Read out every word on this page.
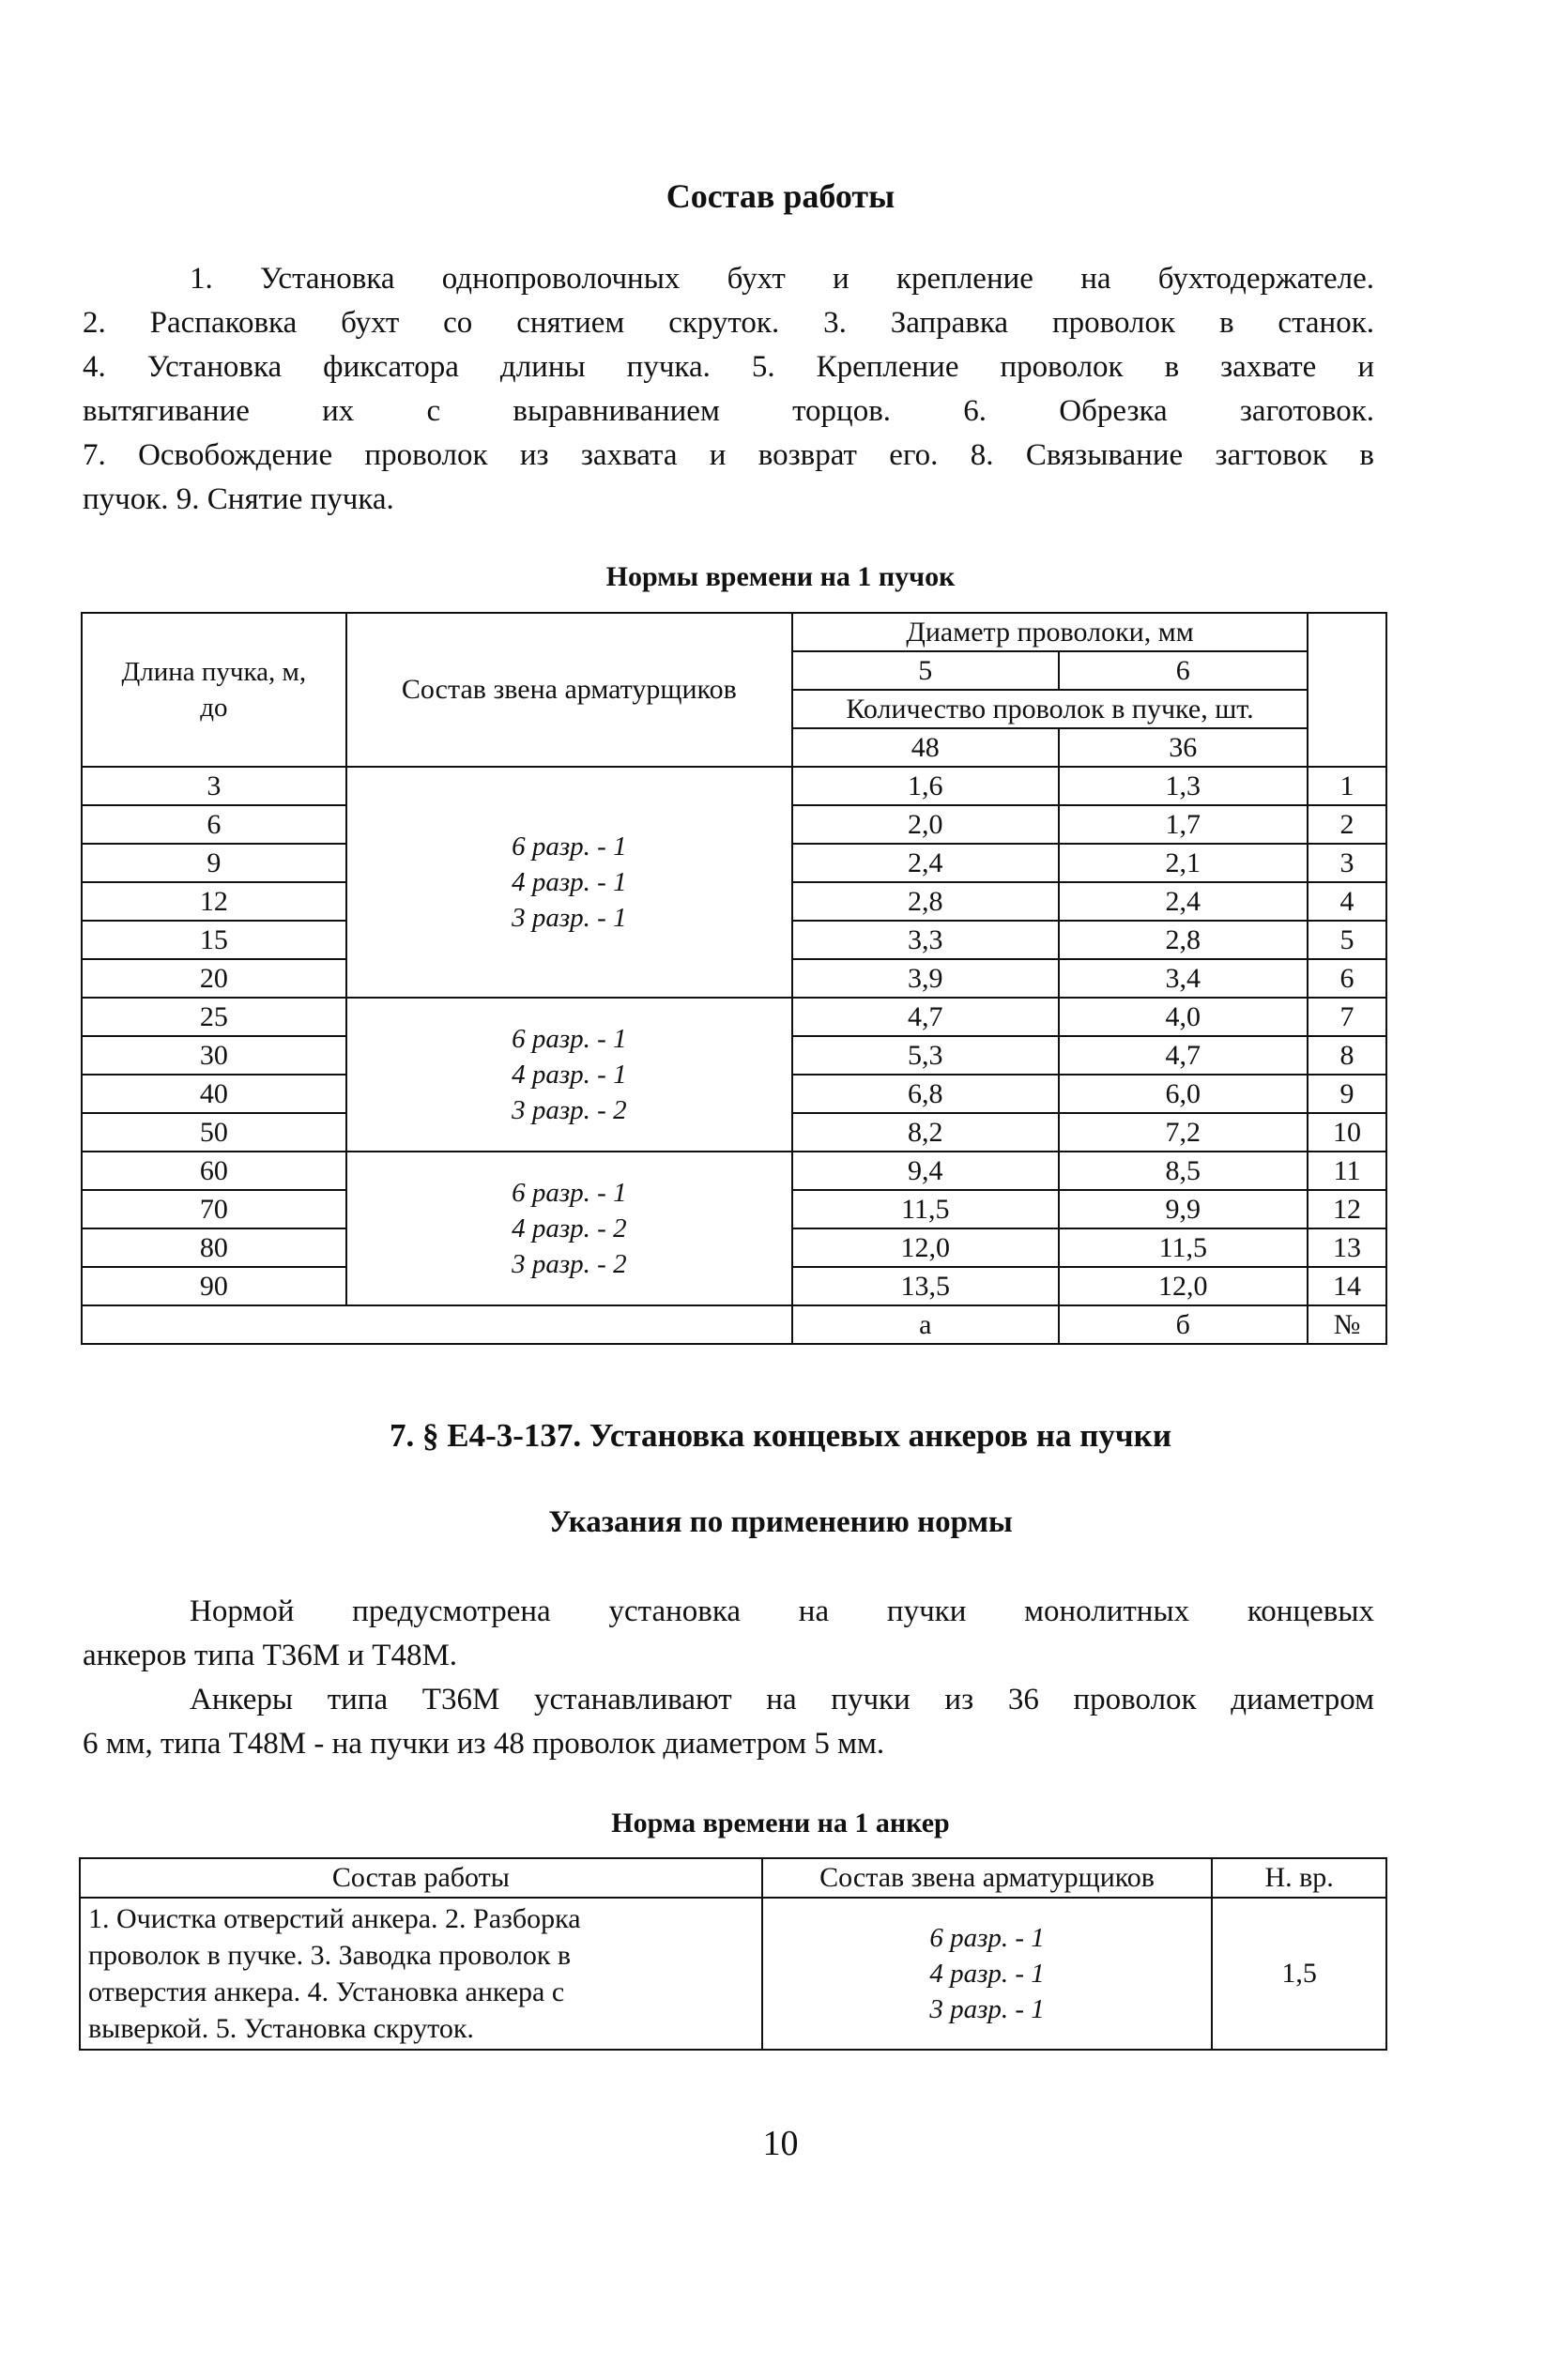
Состав работы
1. Установка однопроволочных бухт и крепление на бухтодержателе.
2. Распаковка бухт со снятием скруток. 3. Заправка проволок в станок.
4. Установка фиксатора длины пучка. 5. Крепление проволок в захвате и
вытягивание их с выравниванием торцов. 6. Обрезка заготовок.
7. Освобождение проволок из захвата и возврат его. 8. Связывание загтовок в
пучок. 9. Снятие пучка.
Нормы времени на 1 пучок
Длина пучка, м, до	Состав звена арматурщиков	Диаметр проволоки, мм		
		5	6	
		Количество проволок в пучке, шт.		
		48	36	
3	6 разр. - 1
4 разр. - 1
3 разр. - 1	1,6	1,3	1
6		2,0	1,7	2
9		2,4	2,1	3
12		2,8	2,4	4
15		3,3	2,8	5
20		3,9	3,4	6
25	6 разр. - 1
4 разр. - 1
3 разр. - 2	4,7	4,0	7
30		5,3	4,7	8
40		6,8	6,0	9
50		8,2	7,2	10
60	6 разр. - 1
4 разр. - 2
3 разр. - 2	9,4	8,5	11
70		11,5	9,9	12
80		12,0	11,5	13
90		13,5	12,0	14
		а	б	№
7. § Е4-3-137. Установка концевых анкеров на пучки
Указания по применению нормы
Нормой предусмотрена установка на пучки монолитных концевых
анкеров типа Т36М и Т48М.
Анкеры типа Т36М устанавливают на пучки из 36 проволок диаметром
6 мм, типа Т48М - на пучки из 48 проволок диаметром 5 мм.
Норма времени на 1 анкер
Состав работы	Состав звена арматурщиков	Н. вр.

1. Очистка отверстий анкера. 2. Разборка
проволок в пучке. 3. Заводка проволок в
отверстия анкера. 4. Установка анкера с
выверкой. 5. Установка скруток.	6 разр. - 1
4 разр. - 1
3 разр. - 1	1,5
10
